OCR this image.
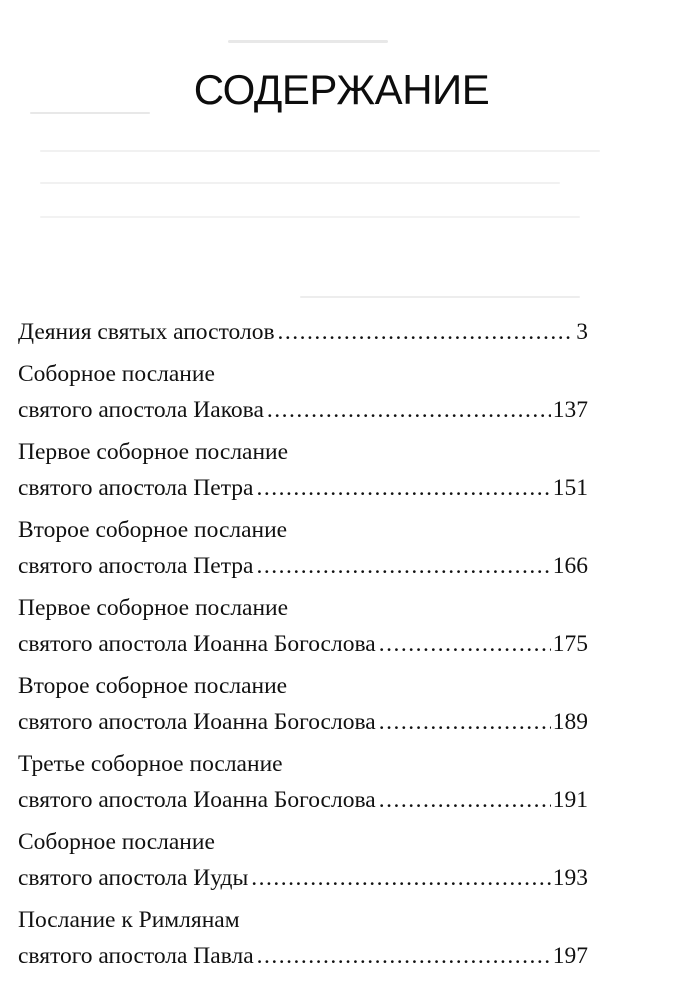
СОДЕРЖАНИЕ
Деяния святых апостолов .....	3
Соборное послание
святого апостола Иакова .....	137
Первое соборное послание
святого апостола Петра .....	151
Второе соборное послание
святого апостола Петра .....	166
Первое соборное послание
святого апостола Иоанна Богослова .....	175
Второе соборное послание
святого апостола Иоанна Богослова .....	189
Третье соборное послание
святого апостола Иоанна Богослова .....	191
Соборное послание
святого апостола Иуды .....	193
Послание к Римлянам
святого апостола Павла .....	197
